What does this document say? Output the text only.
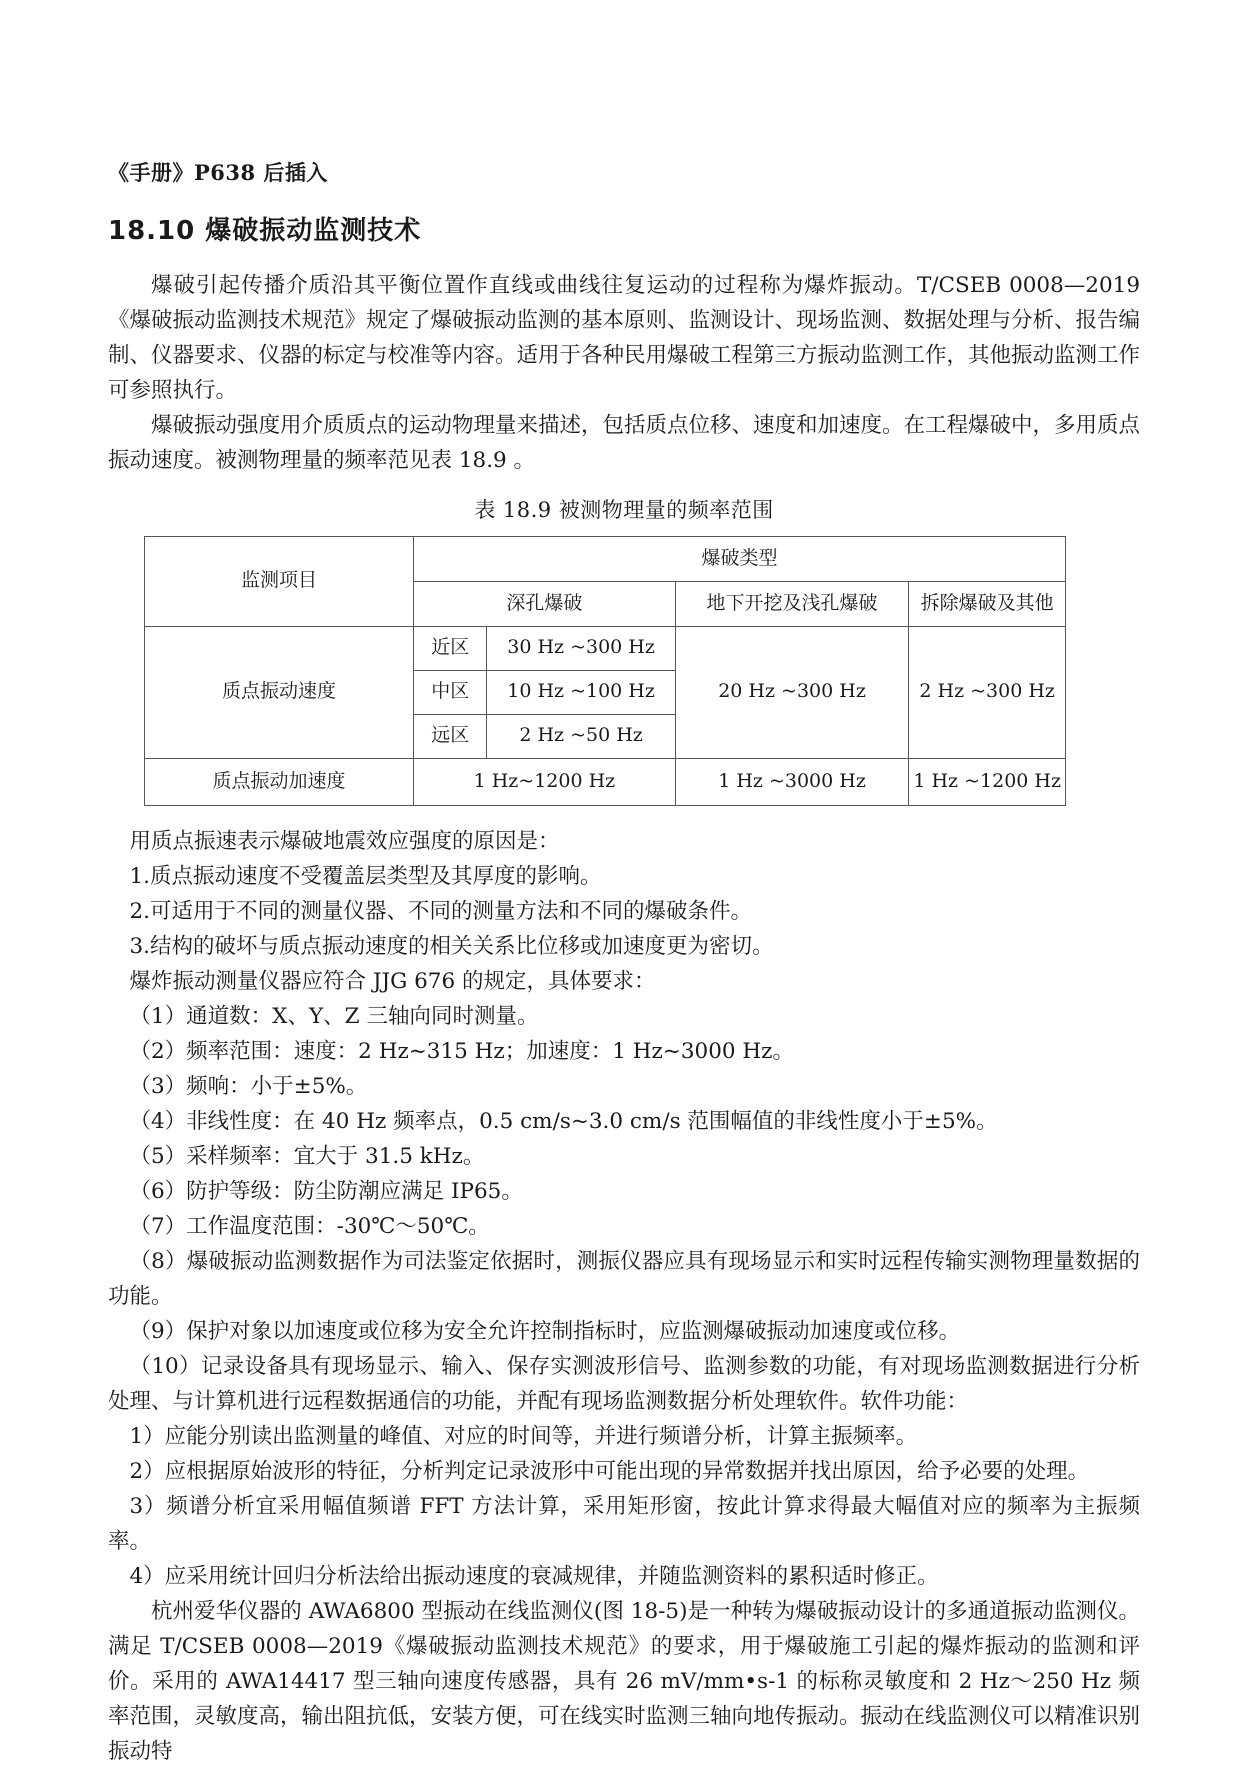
《手册》P638 后插入
18.10 爆破振动监测技术

爆破引起传播介质沿其平衡位置作直线或曲线往复运动的过程称为爆炸振动。T/CSEB 0008—2019《爆破振动监测技术规范》规定了爆破振动监测的基本原则、监测设计、现场监测、数据处理与分析、报告编制、仪器要求、仪器的标定与校准等内容。适用于各种民用爆破工程第三方振动监测工作，其他振动监测工作可参照执行。

爆破振动强度用介质质点的运动物理量来描述，包括质点位移、速度和加速度。在工程爆破中，多用质点振动速度。被测物理量的频率范见表 18.9 。

表 18.9 被测物理量的频率范围
监测项目	爆破类型			
	深孔爆破		地下开挖及浅孔爆破	拆除爆破及其他
质点振动速度	近区	30 Hz ~300 Hz	20 Hz ~300 Hz	2 Hz ~300 Hz
	中区	10 Hz ~100 Hz		
	远区	2 Hz ~50 Hz		
质点振动加速度	1 Hz~1200 Hz		1 Hz ~3000 Hz	1 Hz ~1200 Hz

用质点振速表示爆破地震效应强度的原因是：

1.质点振动速度不受覆盖层类型及其厚度的影响。

2.可适用于不同的测量仪器、不同的测量方法和不同的爆破条件。

3.结构的破坏与质点振动速度的相关关系比位移或加速度更为密切。

爆炸振动测量仪器应符合 JJG 676 的规定，具体要求：

（1）通道数：X、Y、Z 三轴向同时测量。

（2）频率范围：速度：2 Hz~315 Hz；加速度：1 Hz~3000 Hz。

（3）频响：小于±5%。

（4）非线性度：在 40 Hz 频率点，0.5 cm/s~3.0 cm/s 范围幅值的非线性度小于±5%。

（5）采样频率：宜大于 31.5 kHz。

（6）防护等级：防尘防潮应满足 IP65。

（7）工作温度范围：-30℃～50℃。

（8）爆破振动监测数据作为司法鉴定依据时，测振仪器应具有现场显示和实时远程传输实测物理量数据的功能。

（9）保护对象以加速度或位移为安全允许控制指标时，应监测爆破振动加速度或位移。

（10）记录设备具有现场显示、输入、保存实测波形信号、监测参数的功能，有对现场监测数据进行分析处理、与计算机进行远程数据通信的功能，并配有现场监测数据分析处理软件。软件功能：

1）应能分别读出监测量的峰值、对应的时间等，并进行频谱分析，计算主振频率。

2）应根据原始波形的特征，分析判定记录波形中可能出现的异常数据并找出原因，给予必要的处理。

3）频谱分析宜采用幅值频谱 FFT 方法计算，采用矩形窗，按此计算求得最大幅值对应的频率为主振频率。

4）应采用统计回归分析法给出振动速度的衰减规律，并随监测资料的累积适时修正。

杭州爱华仪器的 AWA6800 型振动在线监测仪(图 18-5)是一种转为爆破振动设计的多通道振动监测仪。满足 T/CSEB 0008—2019《爆破振动监测技术规范》的要求，用于爆破施工引起的爆炸振动的监测和评价。采用的 AWA14417 型三轴向速度传感器，具有 26 mV/mm•s-1 的标称灵敏度和 2 Hz～250 Hz 频率范围，灵敏度高，输出阻抗低，安装方便，可在线实时监测三轴向地传振动。振动在线监测仪可以精准识别振动特
